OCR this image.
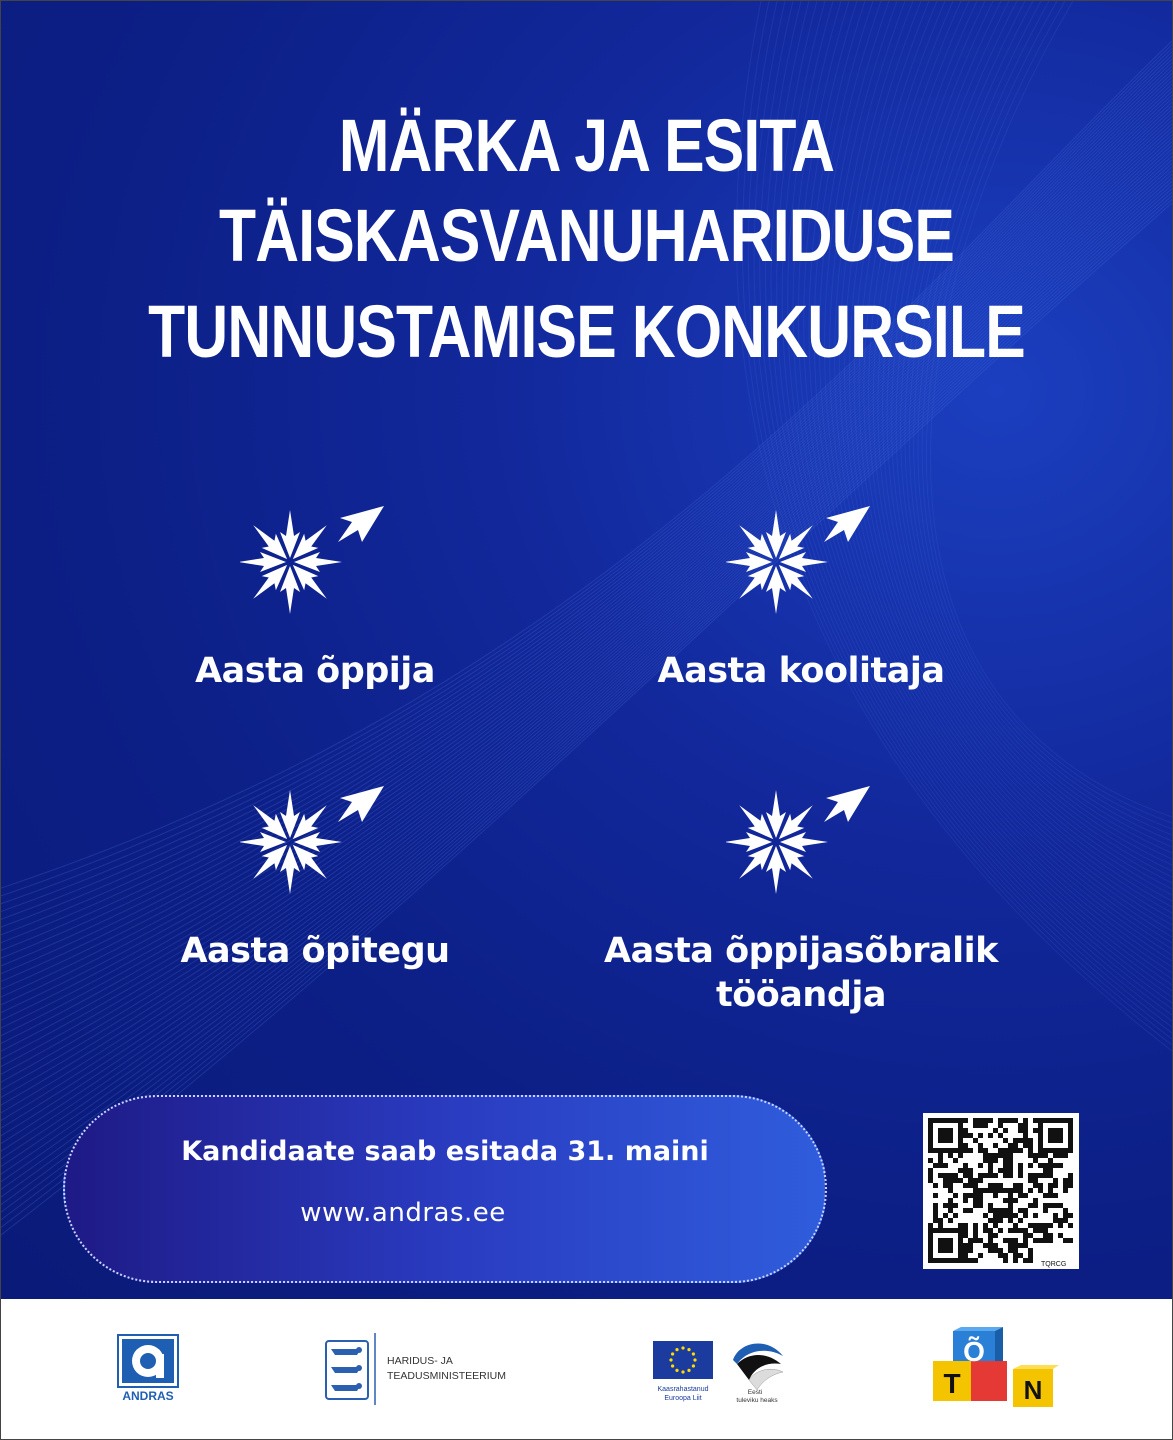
MÄRKA JA ESITA
TÄISKASVANUHARIDUSE
TUNNUSTAMISE KONKURSILE
Aasta õppija	Aasta koolitaja
Aasta õpitegu	Aasta õppijasõbralik
tööandja
Kandidaate saab esitada 31. maini
www.andras.ee
TQRCG
ANDRAS
HARIDUS- JA
TEADUSMINISTEERIUM
Kaasrahastanud
Euroopa Liit
Eesti
tuleviku heaks
Õ
T N
